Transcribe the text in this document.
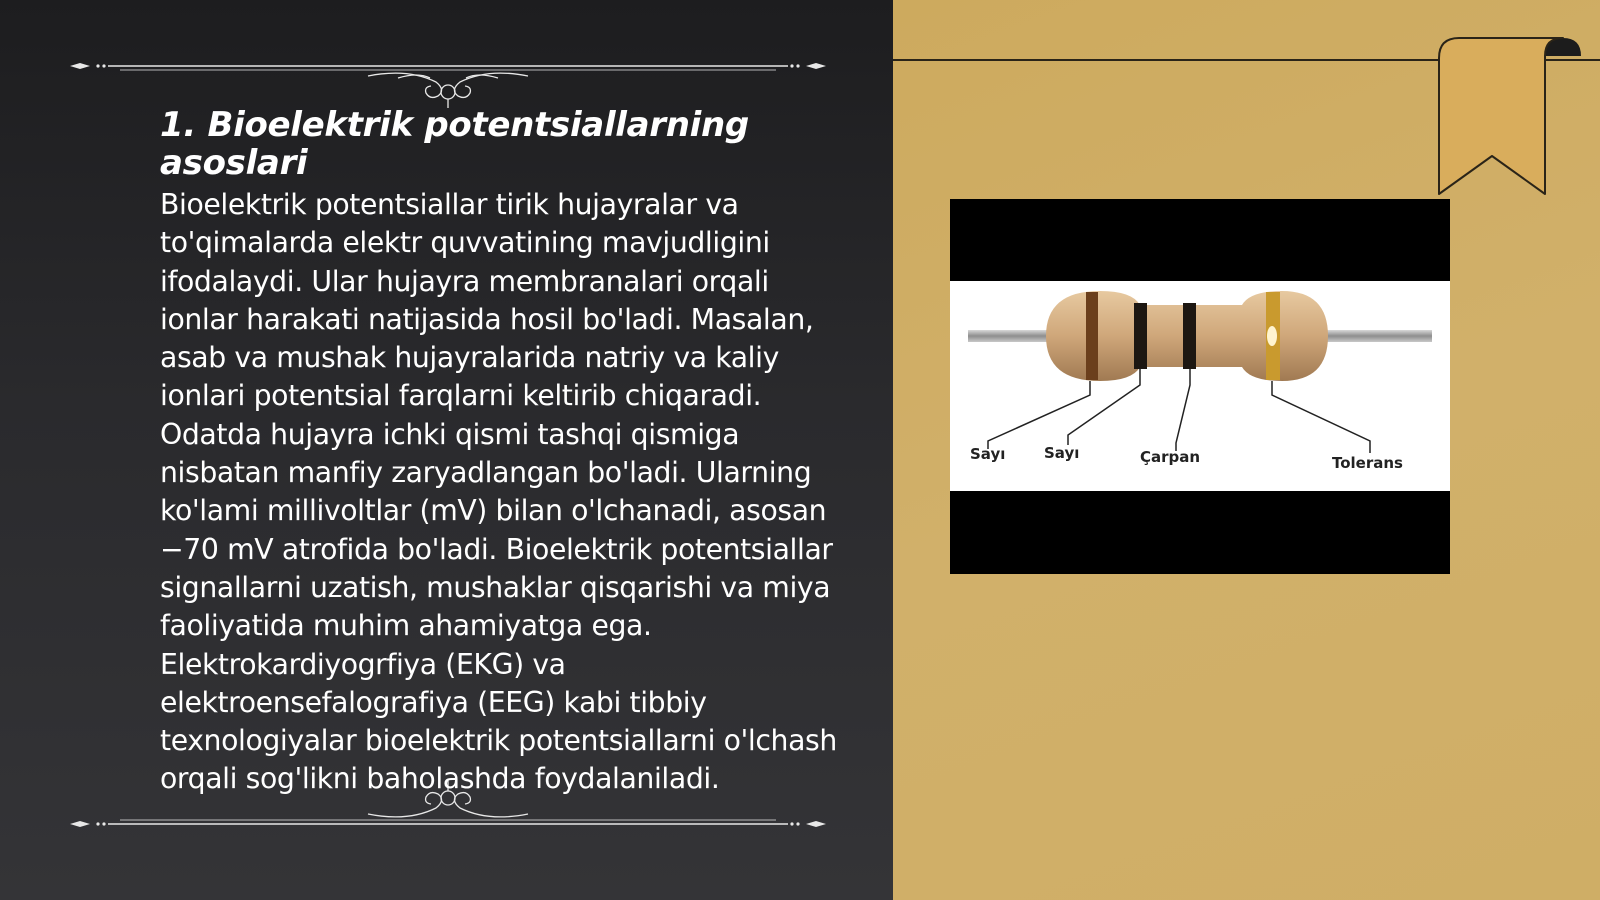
1. Bioelektrik potentsiallarning asoslari

Bioelektrik potentsiallar tirik hujayralar va to'qimalarda elektr quvvatining mavjudligini ifodalaydi. Ular hujayra membranalari orqali ionlar harakati natijasida hosil bo'ladi. Masalan, asab va mushak hujayralarida natriy va kaliy ionlari potentsial farqlarni keltirib chiqaradi. Odatda hujayra ichki qismi tashqi qismiga nisbatan manfiy zaryadlangan bo'ladi. Ularning ko'lami millivoltlar (mV) bilan o'lchanadi, asosan −70 mV atrofida bo'ladi. Bioelektrik potentsiallar signallarni uzatish, mushaklar qisqarishi va miya faoliyatida muhim ahamiyatga ega. Elektrokardiyogrfiya (EKG) va elektroensefalografiya (EEG) kabi tibbiy texnologiyalar bioelektrik potentsiallarni o'lchash orqali sog'likni baholashda foydalaniladi.

Sayı	Sayı	Çarpan	Tolerans
